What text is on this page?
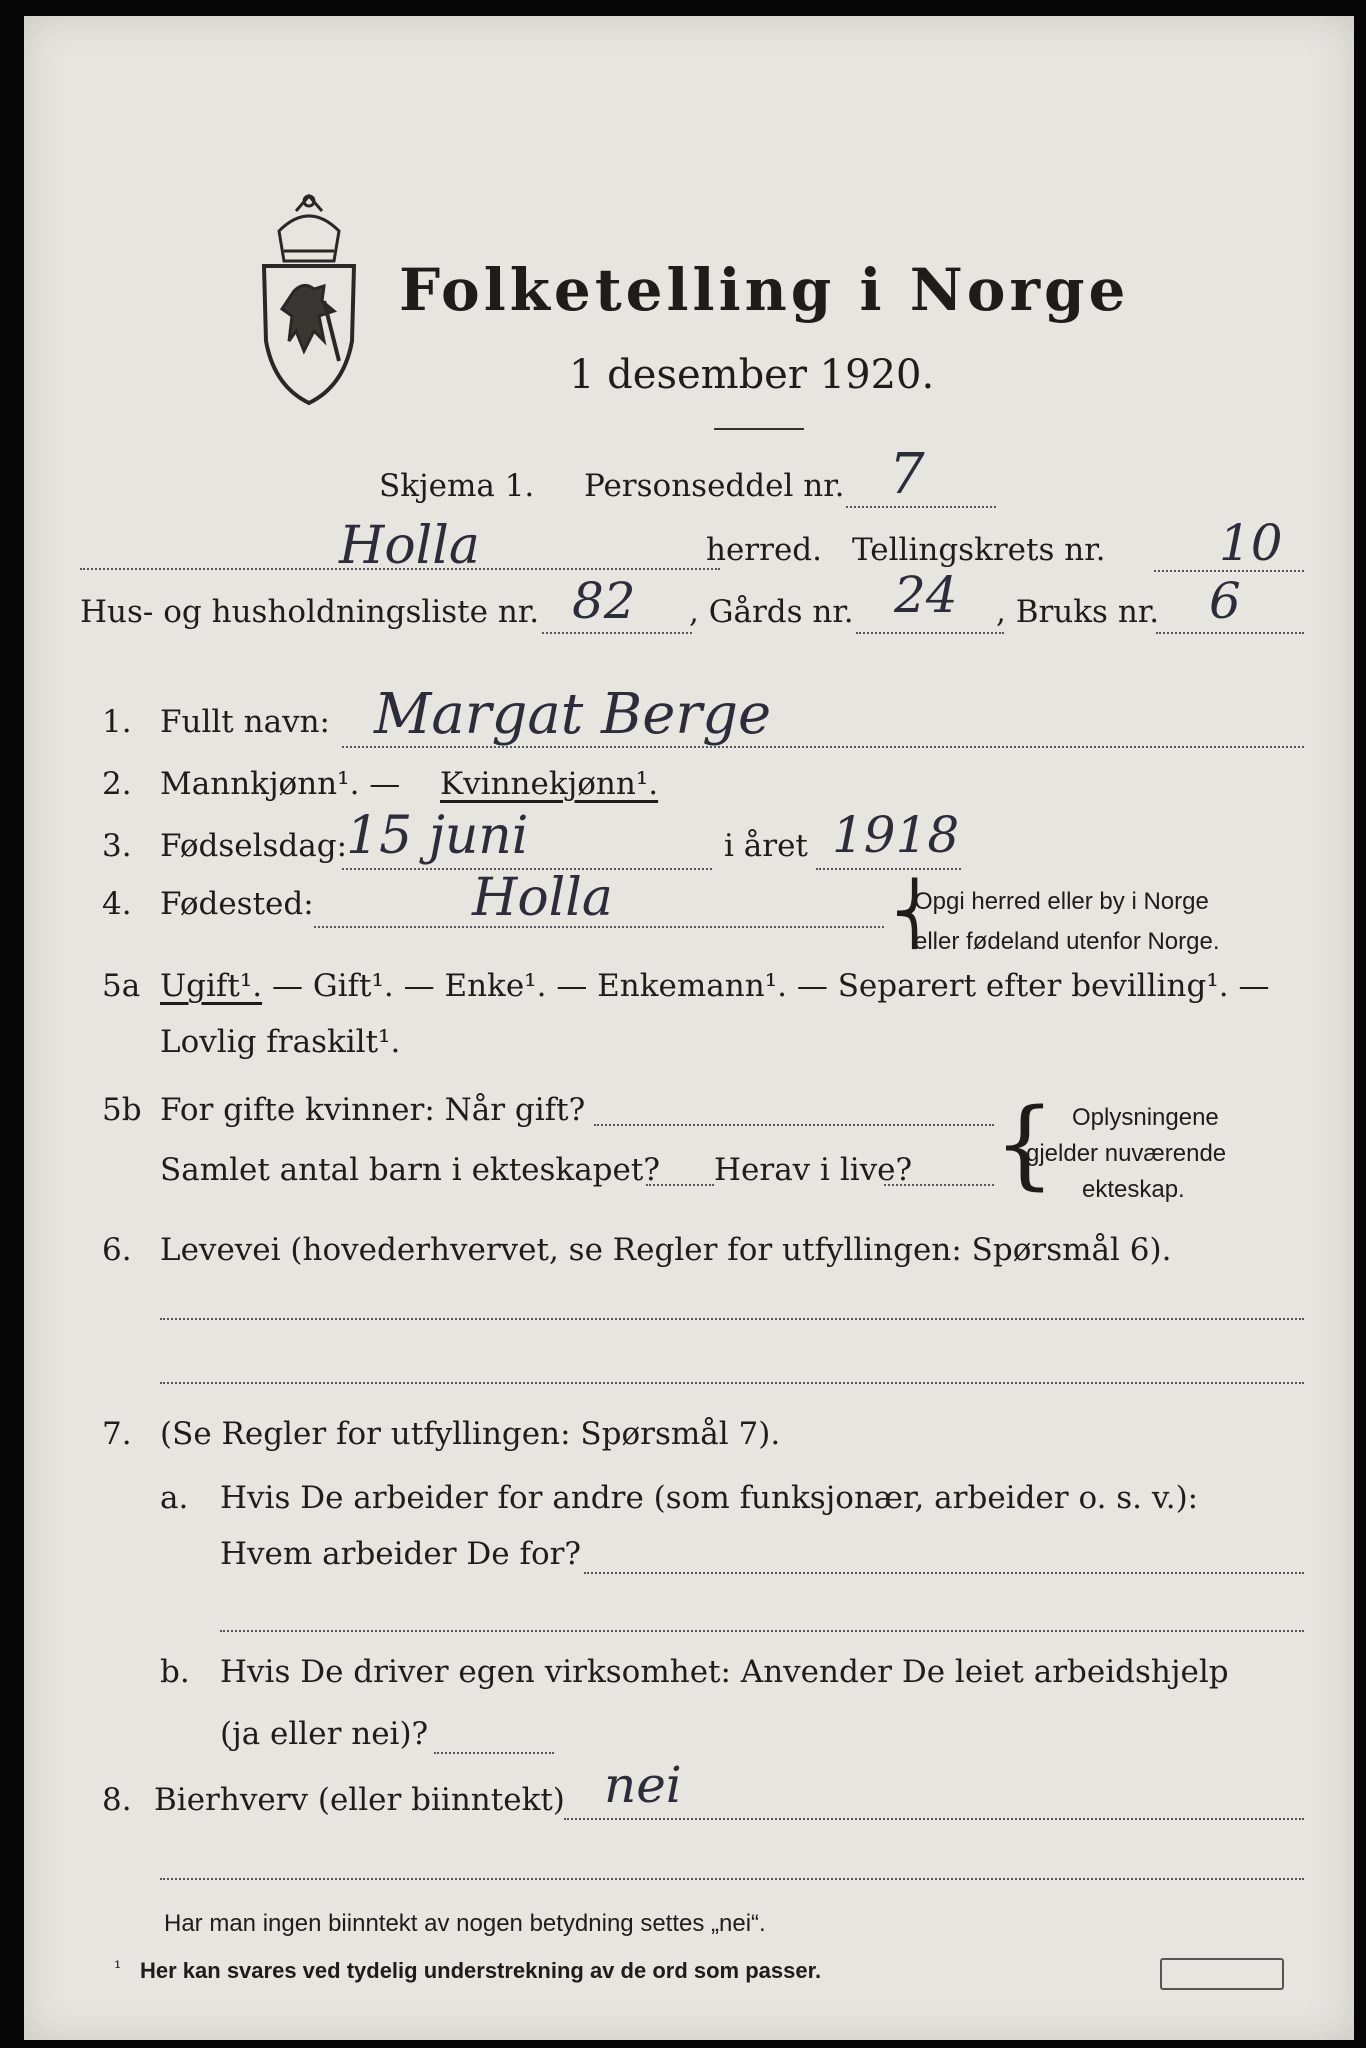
Folketelling i Norge
1 desember 1920.
Skjema 1. Personseddel nr. 7
Holla	herred. Tellingskrets nr. 10
Hus- og husholdningsliste nr. 82 , Gårds nr. 24 , Bruks nr. 6
1. Fullt navn: Margat Berge
2. Mannkjønn¹. — Kvinnekjønn¹.
3. Fødselsdag:
15 juni	i året 1918
4. Fødested:	Holla	⎨
Opgi herred eller by i Norge
eller fødeland utenfor Norge.
5a Ugift¹. — Gift¹. — Enke¹. — Enkemann¹. — Separert efter bevilling¹. —
Lovlig fraskilt¹.
5b For gifte kvinner: Når gift?
Samlet antal barn i ekteskapet? Herav i live? { Oplysningene
gjelder nuværende
ekteskap.
6. Levevei (hovederhvervet, se Regler for utfyllingen: Spørsmål 6).
7. (Se Regler for utfyllingen: Spørsmål 7).
a. Hvis De arbeider for andre (som funksjonær, arbeider o. s. v.):
Hvem arbeider De for?
b. Hvis De driver egen virksomhet: Anvender De leiet arbeidshjelp
(ja eller nei)?
8. Bierhverv (eller biinntekt) nei
Har man ingen biinntekt av nogen betydning settes „nei“.
¹ Her kan svares ved tydelig understrekning av de ord som passer.
